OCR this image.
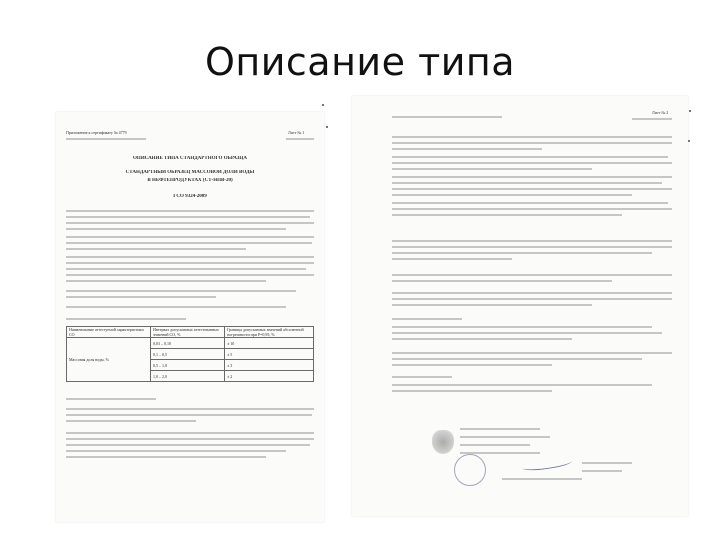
Описание типа
Приложение к сертификату № 4779	Лист № 1
ОПИСАНИЕ ТИПА СТАНДАРТНОГО ОБРАЗЦА
СТАНДАРТНЫЙ ОБРАЗЕЦ МАССОВОЙ ДОЛИ ВОДЫ
В НЕФТЕПРОДУКТАХ (СТ-НПВ-20)
ГСО 9324-2009
Наименование аттестуемой характеристики СО	Интервал допускаемых аттестованных значений СО, %	Границы допускаемых значений абсолютной погрешности при P=0,95, %
Массовая доля воды, %	0,03 – 0,10	± 10
	0,1 – 0,5	± 5
	0,5 – 1,0	± 3
	1,0 – 2,0	± 2
Лист № 2
